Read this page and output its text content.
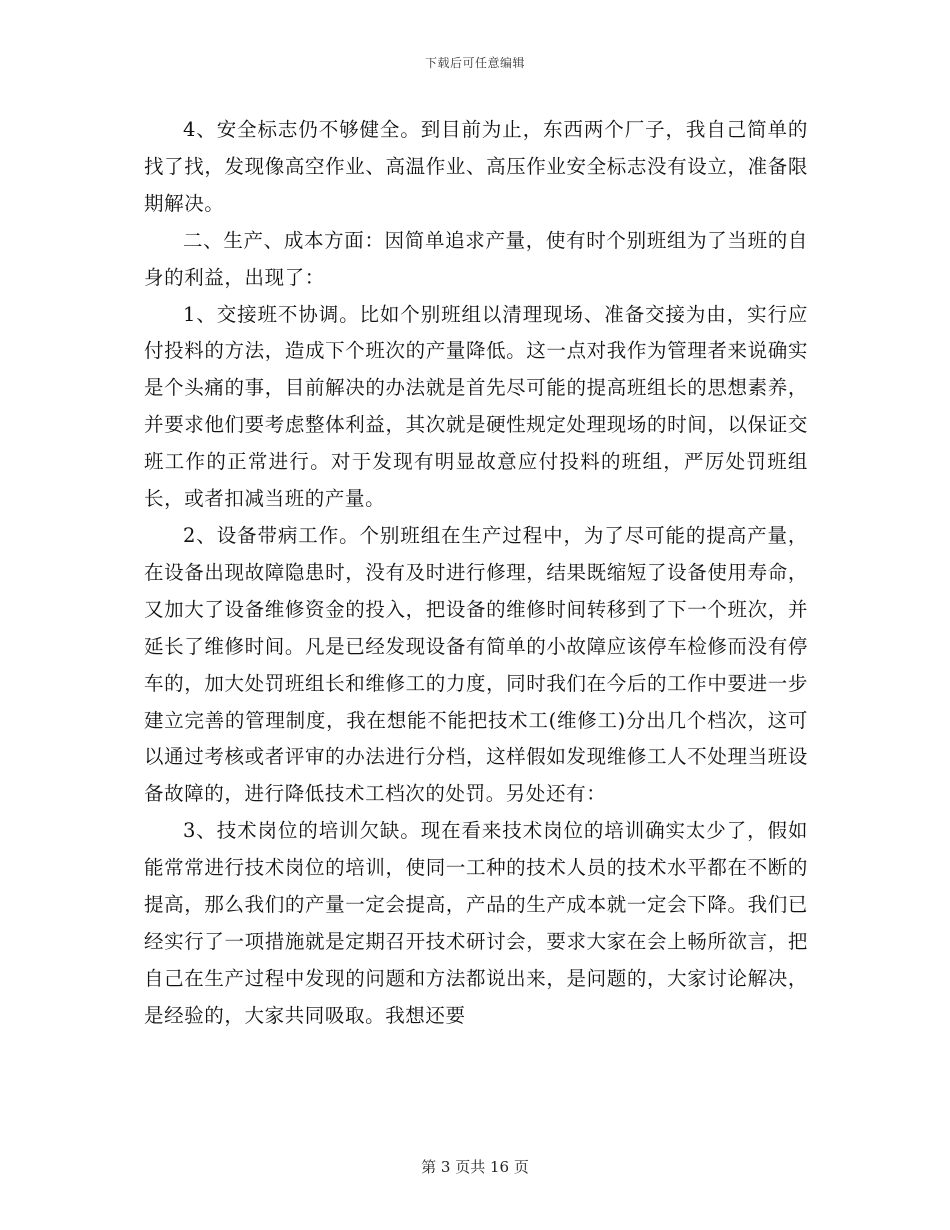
下载后可任意编辑

4、安全标志仍不够健全。到目前为止，东西两个厂子，我自己简单的找了找，发现像高空作业、高温作业、高压作业安全标志没有设立，准备限期解决。

二、生产、成本方面：因简单追求产量，使有时个别班组为了当班的自身的利益，出现了：

1、交接班不协调。比如个别班组以清理现场、准备交接为由，实行应付投料的方法，造成下个班次的产量降低。这一点对我作为管理者来说确实是个头痛的事，目前解决的办法就是首先尽可能的提高班组长的思想素养，并要求他们要考虑整体利益，其次就是硬性规定处理现场的时间，以保证交班工作的正常进行。对于发现有明显故意应付投料的班组，严厉处罚班组长，或者扣减当班的产量。

2、设备带病工作。个别班组在生产过程中，为了尽可能的提高产量，在设备出现故障隐患时，没有及时进行修理，结果既缩短了设备使用寿命，又加大了设备维修资金的投入，把设备的维修时间转移到了下一个班次，并延长了维修时间。凡是已经发现设备有简单的小故障应该停车检修而没有停车的，加大处罚班组长和维修工的力度，同时我们在今后的工作中要进一步建立完善的管理制度，我在想能不能把技术工(维修工)分出几个档次，这可以通过考核或者评审的办法进行分档，这样假如发现维修工人不处理当班设备故障的，进行降低技术工档次的处罚。另处还有：

3、技术岗位的培训欠缺。现在看来技术岗位的培训确实太少了，假如能常常进行技术岗位的培训，使同一工种的技术人员的技术水平都在不断的提高，那么我们的产量一定会提高，产品的生产成本就一定会下降。我们已经实行了一项措施就是定期召开技术研讨会，要求大家在会上畅所欲言，把自己在生产过程中发现的问题和方法都说出来，是问题的，大家讨论解决，是经验的，大家共同吸取。我想还要

第 3 页共 16 页
